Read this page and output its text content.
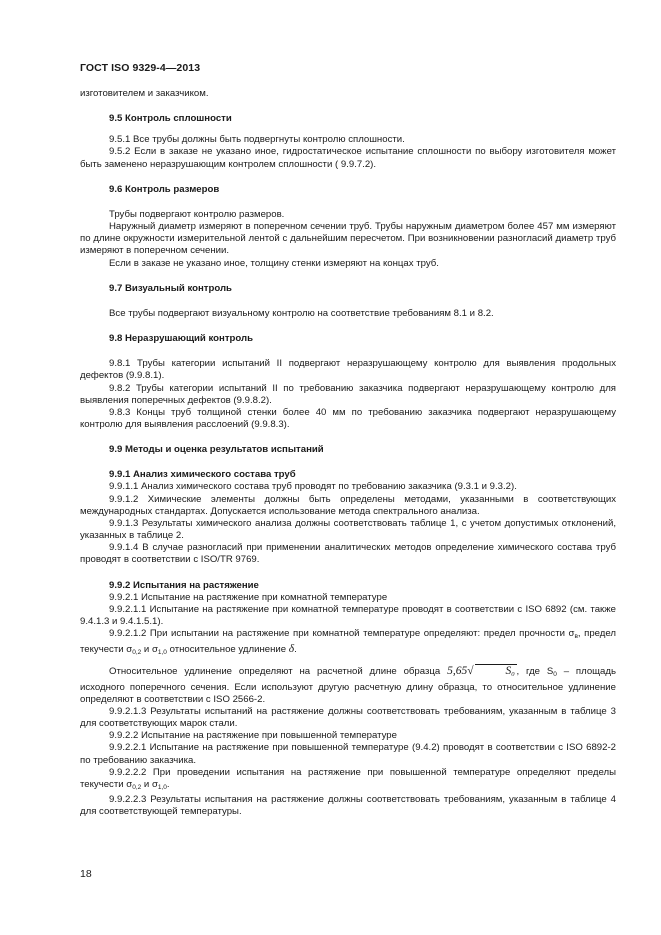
ГОСТ ISO 9329-4—2013

изготовителем и заказчиком.

9.5 Контроль сплошности

9.5.1 Все трубы должны быть подвергнуты контролю сплошности.

9.5.2 Если в заказе не указано иное, гидростатическое испытание сплошности по выбору изготовителя может быть заменено неразрушающим контролем сплошности ( 9.9.7.2).

9.6 Контроль размеров

Трубы подвергают контролю размеров.

Наружный диаметр измеряют в поперечном сечении труб. Трубы наружным диаметром более 457 мм измеряют по длине окружности измерительной лентой с дальнейшим пересчетом. При возникновении разногласий диаметр труб измеряют в поперечном сечении.

Если в заказе не указано иное, толщину стенки измеряют на концах труб.

9.7 Визуальный контроль

Все трубы подвергают визуальному контролю на соответствие требованиям 8.1 и 8.2.

9.8 Неразрушающий контроль

9.8.1 Трубы категории испытаний II подвергают неразрушающему контролю для выявления продольных дефектов (9.9.8.1).

9.8.2 Трубы категории испытаний II по требованию заказчика подвергают неразрушающему контролю для выявления поперечных дефектов (9.9.8.2).

9.8.3 Концы труб толщиной стенки более 40 мм по требованию заказчика подвергают неразрушающему контролю для выявления расслоений (9.9.8.3).

9.9 Методы и оценка результатов испытаний

9.9.1 Анализ химического состава труб

9.9.1.1 Анализ химического состава труб проводят по требованию заказчика (9.3.1 и 9.3.2).

9.9.1.2 Химические элементы должны быть определены методами, указанными в соответствующих международных стандартах. Допускается использование метода спектрального анализа.

9.9.1.3 Результаты химического анализа должны соответствовать таблице 1, с учетом допустимых отклонений, указанных в таблице 2.

9.9.1.4 В случае разногласий при применении аналитических методов определение химического состава труб проводят в соответствии с ISO/TR 9769.

9.9.2 Испытания на растяжение

9.9.2.1 Испытание на растяжение при комнатной температуре

9.9.2.1.1 Испытание на растяжение при комнатной температуре проводят в соответствии с ISO 6892 (см. также 9.4.1.3 и 9.4.1.5.1).

9.9.2.1.2 При испытании на растяжение при комнатной температуре определяют: предел прочности $\sigma_в$, предел текучести $\sigma_{0,2}$ и $\sigma_{1,0}$ относительное удлинение δ.

Относительное удлинение определяют на расчетной длине образца 5,65√	$S_0$ , где $S_0$ – площадь исходного поперечного сечения. Если используют другую расчетную длину образца, то относительное удлинение определяют в соответствии с ISO 2566-2.

9.9.2.1.3 Результаты испытаний на растяжение должны соответствовать требованиям, указанным в таблице 3 для соответствующих марок стали.

9.9.2.2 Испытание на растяжение при повышенной температуре

9.9.2.2.1 Испытание на растяжение при повышенной температуре (9.4.2) проводят в соответствии с ISO 6892-2 по требованию заказчика.

9.9.2.2.2 При проведении испытания на растяжение при повышенной температуре определяют пределы текучести $\sigma_{0,2}$ и $\sigma_{1,0}$.

9.9.2.2.3 Результаты испытания на растяжение должны соответствовать требованиям, указанным в таблице 4 для соответствующей температуры.

18
